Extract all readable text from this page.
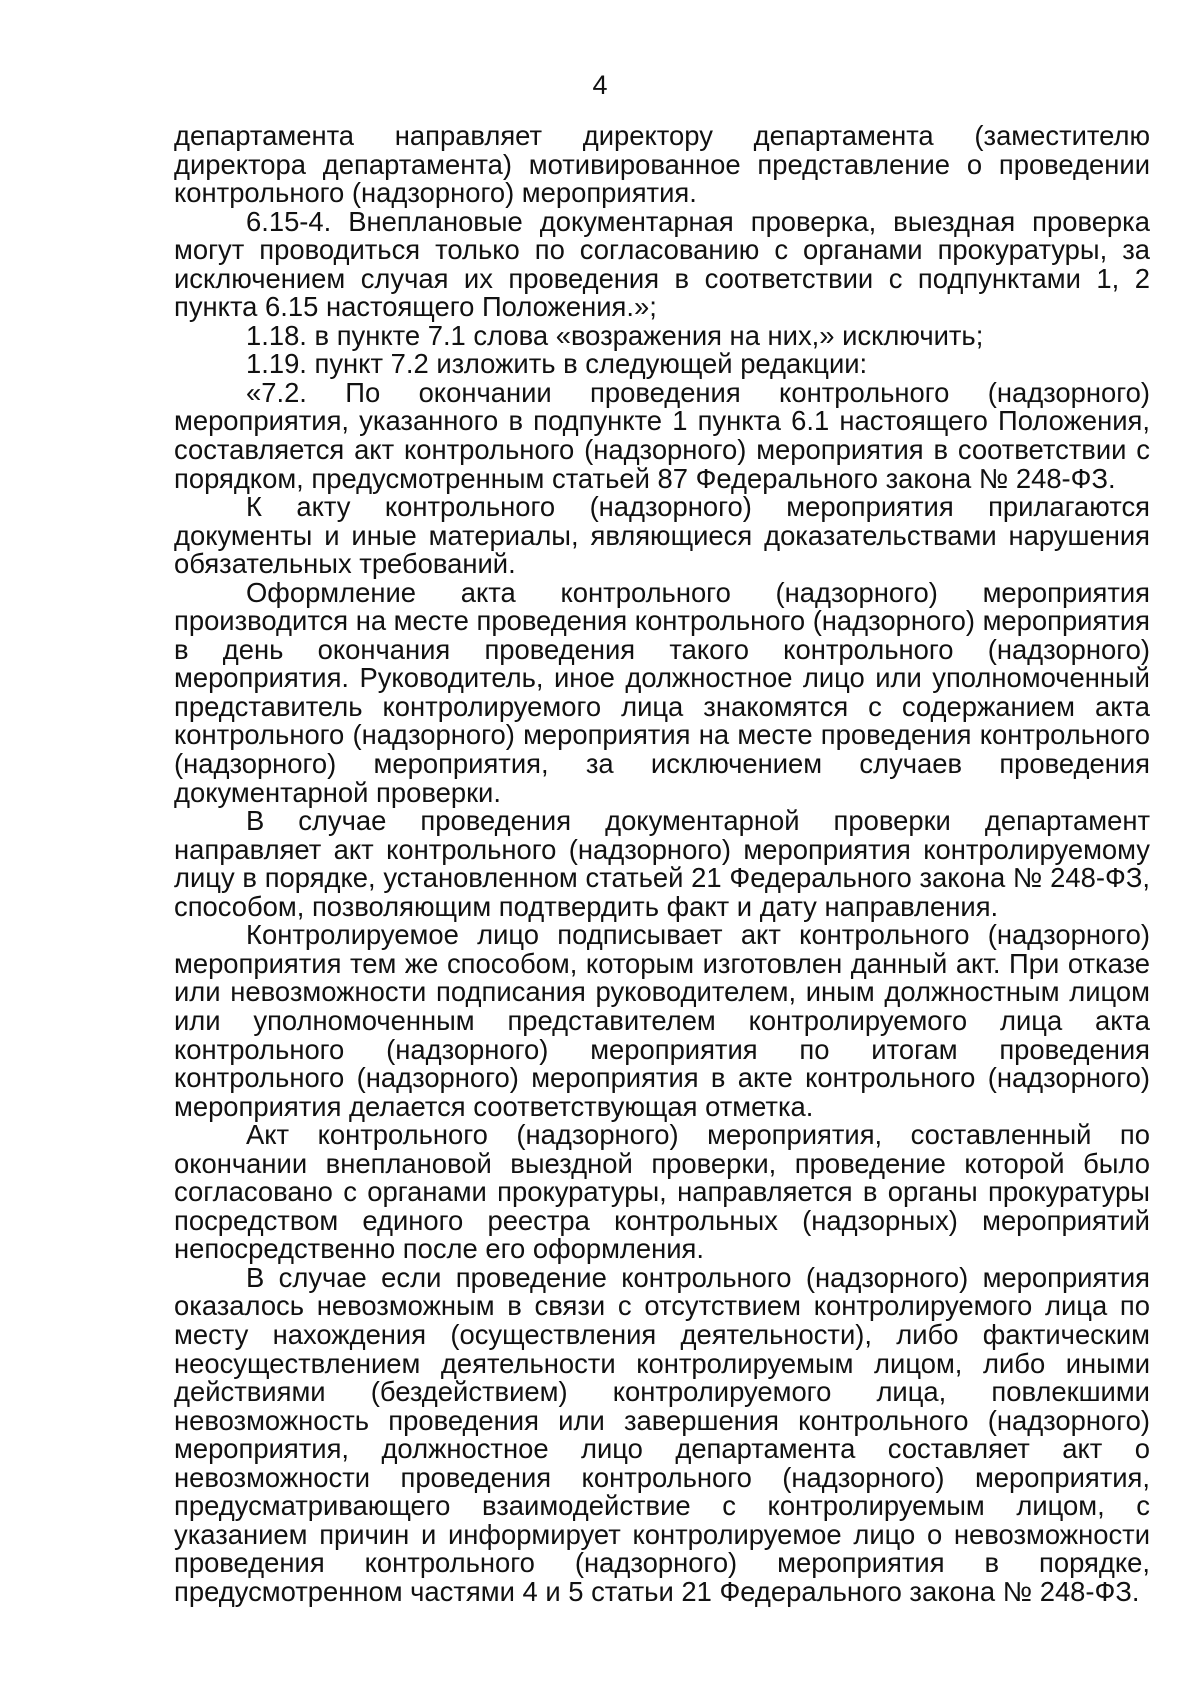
4

департамента направляет директору департамента (заместителю директора департамента) мотивированное представление о проведении контрольного (надзорного) мероприятия.

6.15-4. Внеплановые документарная проверка, выездная проверка могут проводиться только по согласованию с органами прокуратуры, за исключением случая их проведения в соответствии с подпунктами 1, 2 пункта 6.15 настоящего Положения.»;

1.18. в пункте 7.1 слова «возражения на них,» исключить;

1.19. пункт 7.2 изложить в следующей редакции:

«7.2. По окончании проведения контрольного (надзорного) мероприятия, указанного в подпункте 1 пункта 6.1 настоящего Положения, составляется акт контрольного (надзорного) мероприятия в соответствии с порядком, предусмотренным статьей 87 Федерального закона № 248-ФЗ.

К акту контрольного (надзорного) мероприятия прилагаются документы и иные материалы, являющиеся доказательствами нарушения обязательных требований.

Оформление акта контрольного (надзорного) мероприятия производится на месте проведения контрольного (надзорного) мероприятия в день окончания проведения такого контрольного (надзорного) мероприятия. Руководитель, иное должностное лицо или уполномоченный представитель контролируемого лица знакомятся с содержанием акта контрольного (надзорного) мероприятия на месте проведения контрольного (надзорного) мероприятия, за исключением случаев проведения документарной проверки.

В случае проведения документарной проверки департамент направляет акт контрольного (надзорного) мероприятия контролируемому лицу в порядке, установленном статьей 21 Федерального закона № 248-ФЗ, способом, позволяющим подтвердить факт и дату направления.

Контролируемое лицо подписывает акт контрольного (надзорного) мероприятия тем же способом, которым изготовлен данный акт. При отказе или невозможности подписания руководителем, иным должностным лицом или уполномоченным представителем контролируемого лица акта контрольного (надзорного) мероприятия по итогам проведения контрольного (надзорного) мероприятия в акте контрольного (надзорного) мероприятия делается соответствующая отметка.

Акт контрольного (надзорного) мероприятия, составленный по окончании внеплановой выездной проверки, проведение которой было согласовано с органами прокуратуры, направляется в органы прокуратуры посредством единого реестра контрольных (надзорных) мероприятий непосредственно после его оформления.

В случае если проведение контрольного (надзорного) мероприятия оказалось невозможным в связи с отсутствием контролируемого лица по месту нахождения (осуществления деятельности), либо фактическим неосуществлением деятельности контролируемым лицом, либо иными действиями (бездействием) контролируемого лица, повлекшими невозможность проведения или завершения контрольного (надзорного) мероприятия, должностное лицо департамента составляет акт о невозможности проведения контрольного (надзорного) мероприятия, предусматривающего взаимодействие с контролируемым лицом, с указанием причин и информирует контролируемое лицо о невозможности проведения контрольного (надзорного) мероприятия в порядке, предусмотренном частями 4 и 5 статьи 21 Федерального закона № 248-ФЗ.
